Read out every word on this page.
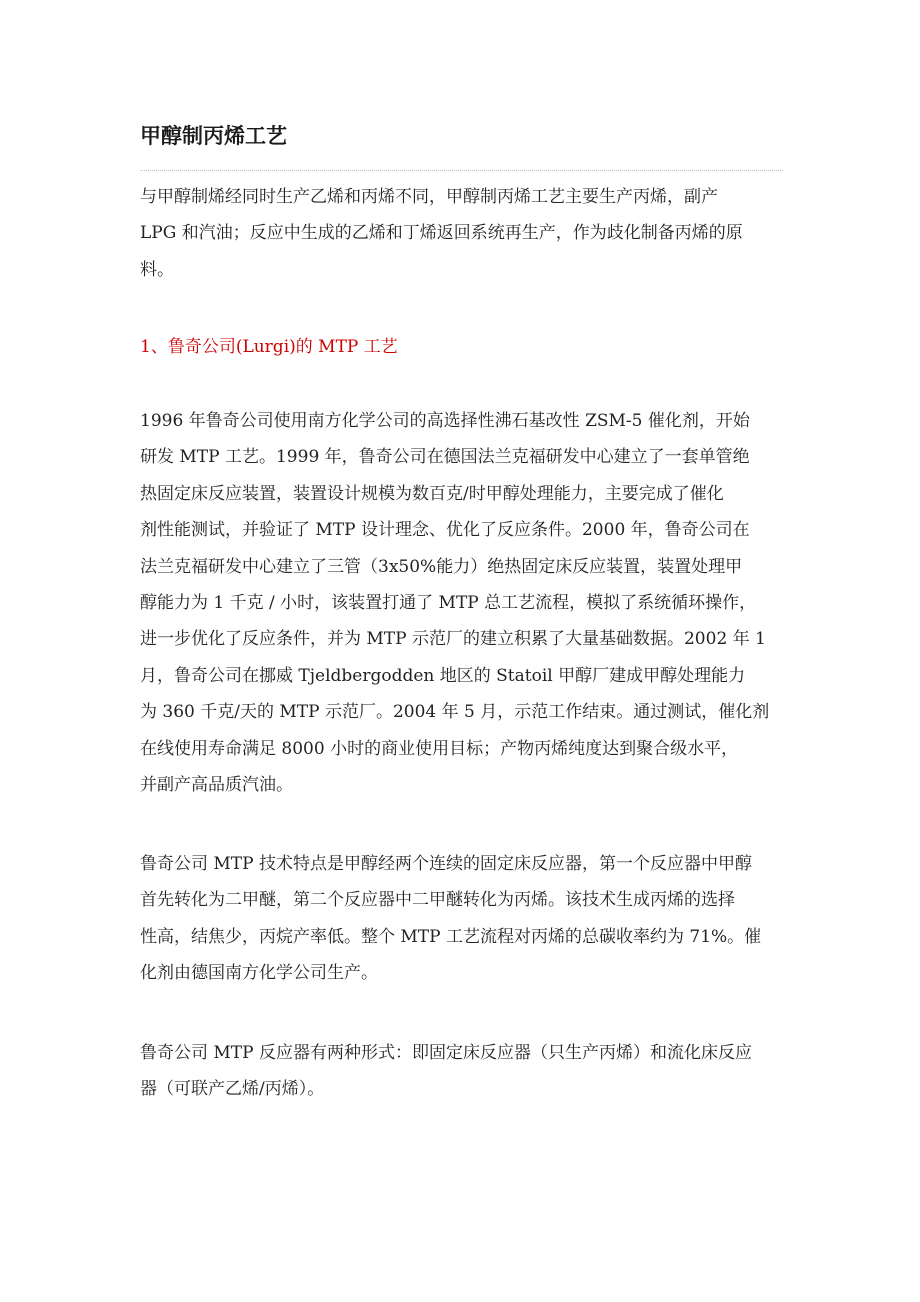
甲醇制丙烯工艺

与甲醇制烯经同时生产乙烯和丙烯不同，甲醇制丙烯工艺主要生产丙烯，副产
LPG 和汽油；反应中生成的乙烯和丁烯返回系统再生产，作为歧化制备丙烯的原
料。

1、鲁奇公司(Lurgi)的 MTP 工艺

1996 年鲁奇公司使用南方化学公司的高选择性沸石基改性 ZSM-5 催化剂，开始
研发 MTP 工艺。1999 年，鲁奇公司在德国法兰克福研发中心建立了一套单管绝
热固定床反应装置，装置设计规模为数百克/时甲醇处理能力，主要完成了催化
剂性能测试，并验证了 MTP 设计理念、优化了反应条件。2000 年，鲁奇公司在
法兰克福研发中心建立了三管（3x50%能力）绝热固定床反应装置，装置处理甲
醇能力为 1 千克 / 小时，该装置打通了 MTP 总工艺流程，模拟了系统循环操作，
进一步优化了反应条件，并为 MTP 示范厂的建立积累了大量基础数据。2002 年 1
月，鲁奇公司在挪威 Tjeldbergodden 地区的 Statoil 甲醇厂建成甲醇处理能力
为 360 千克/天的 MTP 示范厂。2004 年 5 月，示范工作结束。通过测试，催化剂
在线使用寿命满足 8000 小时的商业使用目标；产物丙烯纯度达到聚合级水平，
并副产高品质汽油。

鲁奇公司 MTP 技术特点是甲醇经两个连续的固定床反应器，第一个反应器中甲醇
首先转化为二甲醚，第二个反应器中二甲醚转化为丙烯。该技术生成丙烯的选择
性高，结焦少，丙烷产率低。整个 MTP 工艺流程对丙烯的总碳收率约为 71%。催
化剂由德国南方化学公司生产。

鲁奇公司 MTP 反应器有两种形式：即固定床反应器（只生产丙烯）和流化床反应
器（可联产乙烯/丙烯）。
